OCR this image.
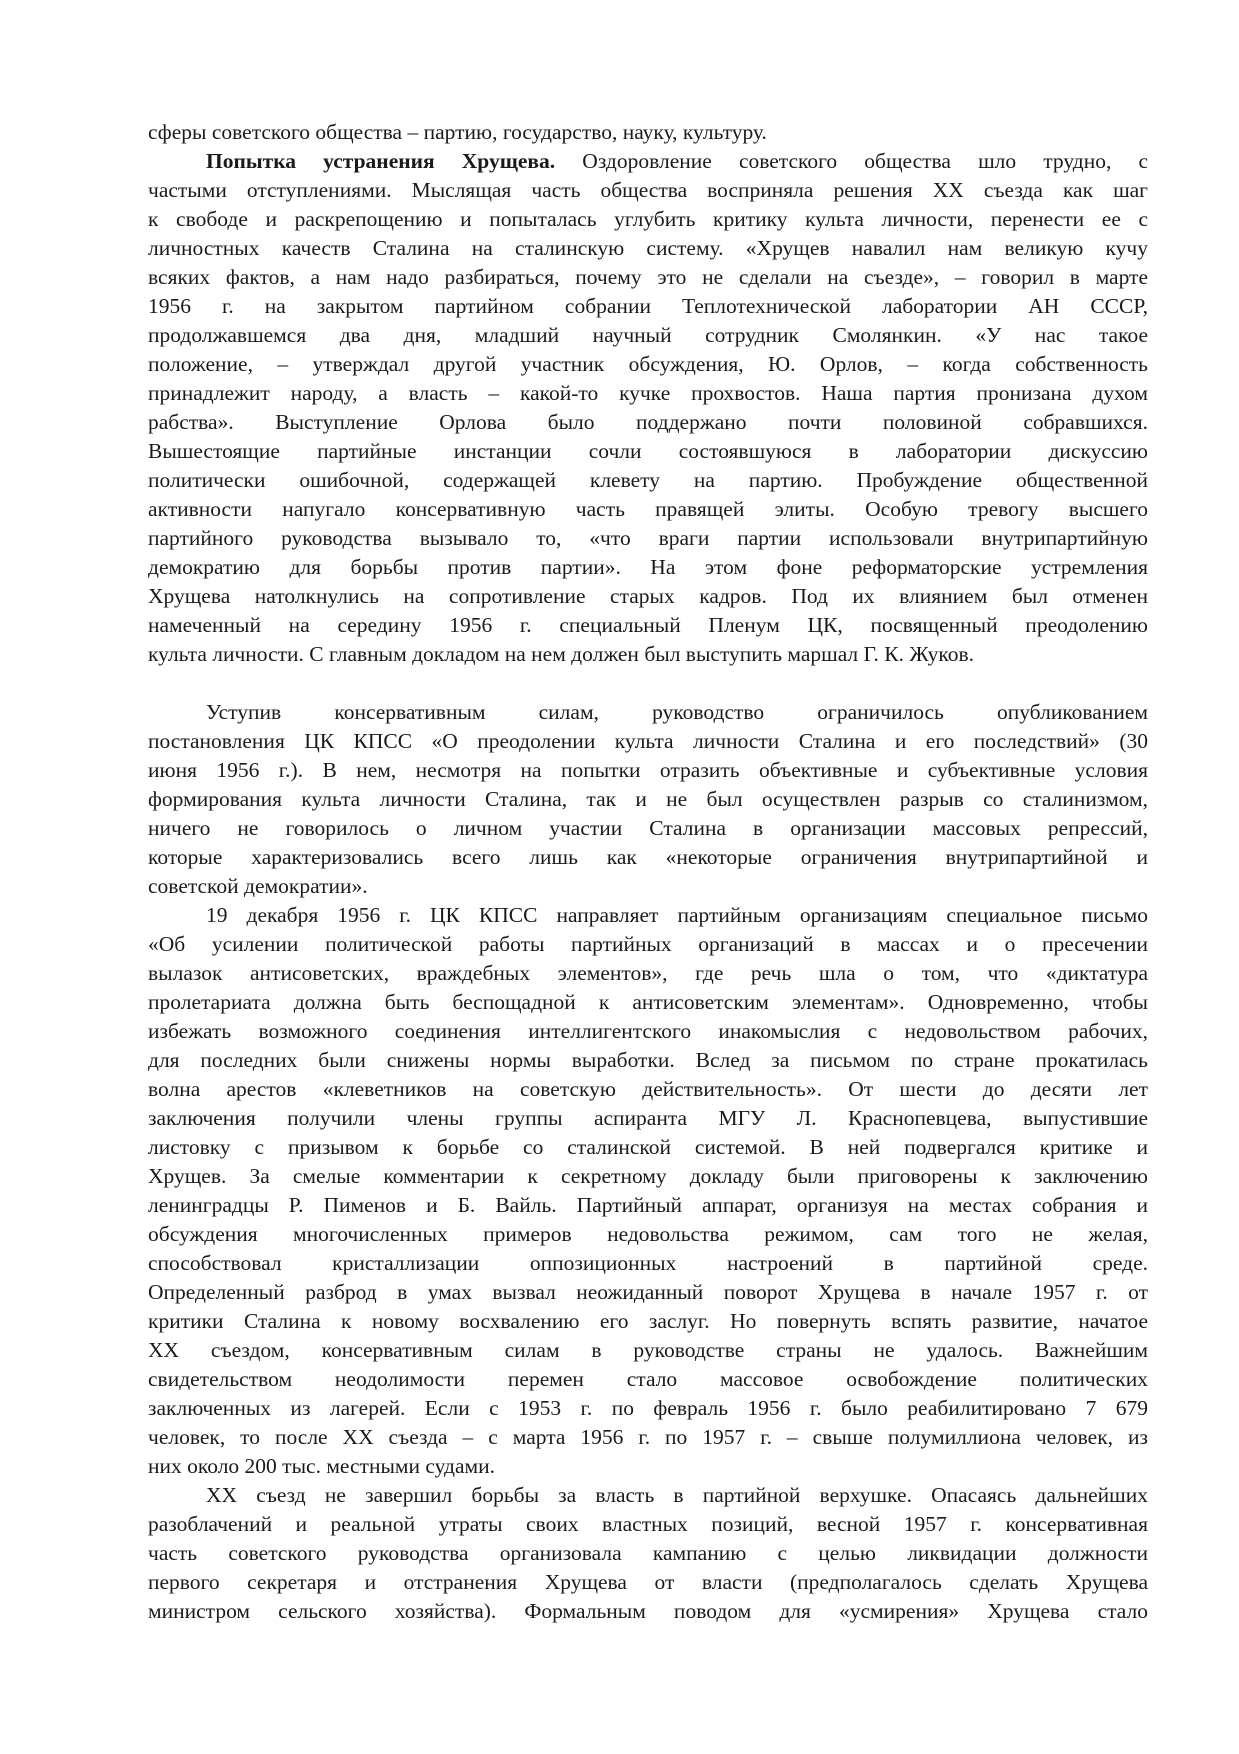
сферы советского общества – партию, государство, науку, культуру.
Попытка устранения Хрущева. Оздоровление советского общества шло трудно, с
частыми отступлениями. Мыслящая часть общества восприняла решения XX съезда как шаг
к свободе и раскрепощению и попыталась углубить критику культа личности, перенести ее с
личностных качеств Сталина на сталинскую систему. «Хрущев навалил нам великую кучу
всяких фактов, а нам надо разбираться, почему это не сделали на съезде», – говорил в марте
1956 г. на закрытом партийном собрании Теплотехнической лаборатории АН СССР,
продолжавшемся два дня, младший научный сотрудник Смолянкин. «У нас такое
положение, – утверждал другой участник обсуждения, Ю. Орлов, – когда собственность
принадлежит народу, а власть – какой-то кучке прохвостов. Наша партия пронизана духом
рабства». Выступление Орлова было поддержано почти половиной собравшихся.
Вышестоящие партийные инстанции сочли состоявшуюся в лаборатории дискуссию
политически ошибочной, содержащей клевету на партию. Пробуждение общественной
активности напугало консервативную часть правящей элиты. Особую тревогу высшего
партийного руководства вызывало то, «что враги партии использовали внутрипартийную
демократию для борьбы против партии». На этом фоне реформаторские устремления
Хрущева натолкнулись на сопротивление старых кадров. Под их влиянием был отменен
намеченный на середину 1956 г. специальный Пленум ЦК, посвященный преодолению
культа личности. С главным докладом на нем должен был выступить маршал Г. К. Жуков.
Уступив консервативным силам, руководство ограничилось опубликованием
постановления ЦК КПСС «О преодолении культа личности Сталина и его последствий» (30
июня 1956 г.). В нем, несмотря на попытки отразить объективные и субъективные условия
формирования культа личности Сталина, так и не был осуществлен разрыв со сталинизмом,
ничего не говорилось о личном участии Сталина в организации массовых репрессий,
которые характеризовались всего лишь как «некоторые ограничения внутрипартийной и
советской демократии».
19 декабря 1956 г. ЦК КПСС направляет партийным организациям специальное письмо
«Об усилении политической работы партийных организаций в массах и о пресечении
вылазок антисоветских, враждебных элементов», где речь шла о том, что «диктатура
пролетариата должна быть беспощадной к антисоветским элементам». Одновременно, чтобы
избежать возможного соединения интеллигентского инакомыслия с недовольством рабочих,
для последних были снижены нормы выработки. Вслед за письмом по стране прокатилась
волна арестов «клеветников на советскую действительность». От шести до десяти лет
заключения получили члены группы аспиранта МГУ Л. Краснопевцева, выпустившие
листовку с призывом к борьбе со сталинской системой. В ней подвергался критике и
Хрущев. За смелые комментарии к секретному докладу были приговорены к заключению
ленинградцы Р. Пименов и Б. Вайль. Партийный аппарат, организуя на местах собрания и
обсуждения многочисленных примеров недовольства режимом, сам того не желая,
способствовал кристаллизации оппозиционных настроений в партийной среде.
Определенный разброд в умах вызвал неожиданный поворот Хрущева в начале 1957 г. от
критики Сталина к новому восхвалению его заслуг. Но повернуть вспять развитие, начатое
XX съездом, консервативным силам в руководстве страны не удалось. Важнейшим
свидетельством неодолимости перемен стало массовое освобождение политических
заключенных из лагерей. Если с 1953 г. по февраль 1956 г. было реабилитировано 7 679
человек, то после XX съезда – с марта 1956 г. по 1957 г. – свыше полумиллиона человек, из
них около 200 тыс. местными судами.
XX съезд не завершил борьбы за власть в партийной верхушке. Опасаясь дальнейших
разоблачений и реальной утраты своих властных позиций, весной 1957 г. консервативная
часть советского руководства организовала кампанию с целью ликвидации должности
первого секретаря и отстранения Хрущева от власти (предполагалось сделать Хрущева
министром сельского хозяйства). Формальным поводом для «усмирения» Хрущева стало
